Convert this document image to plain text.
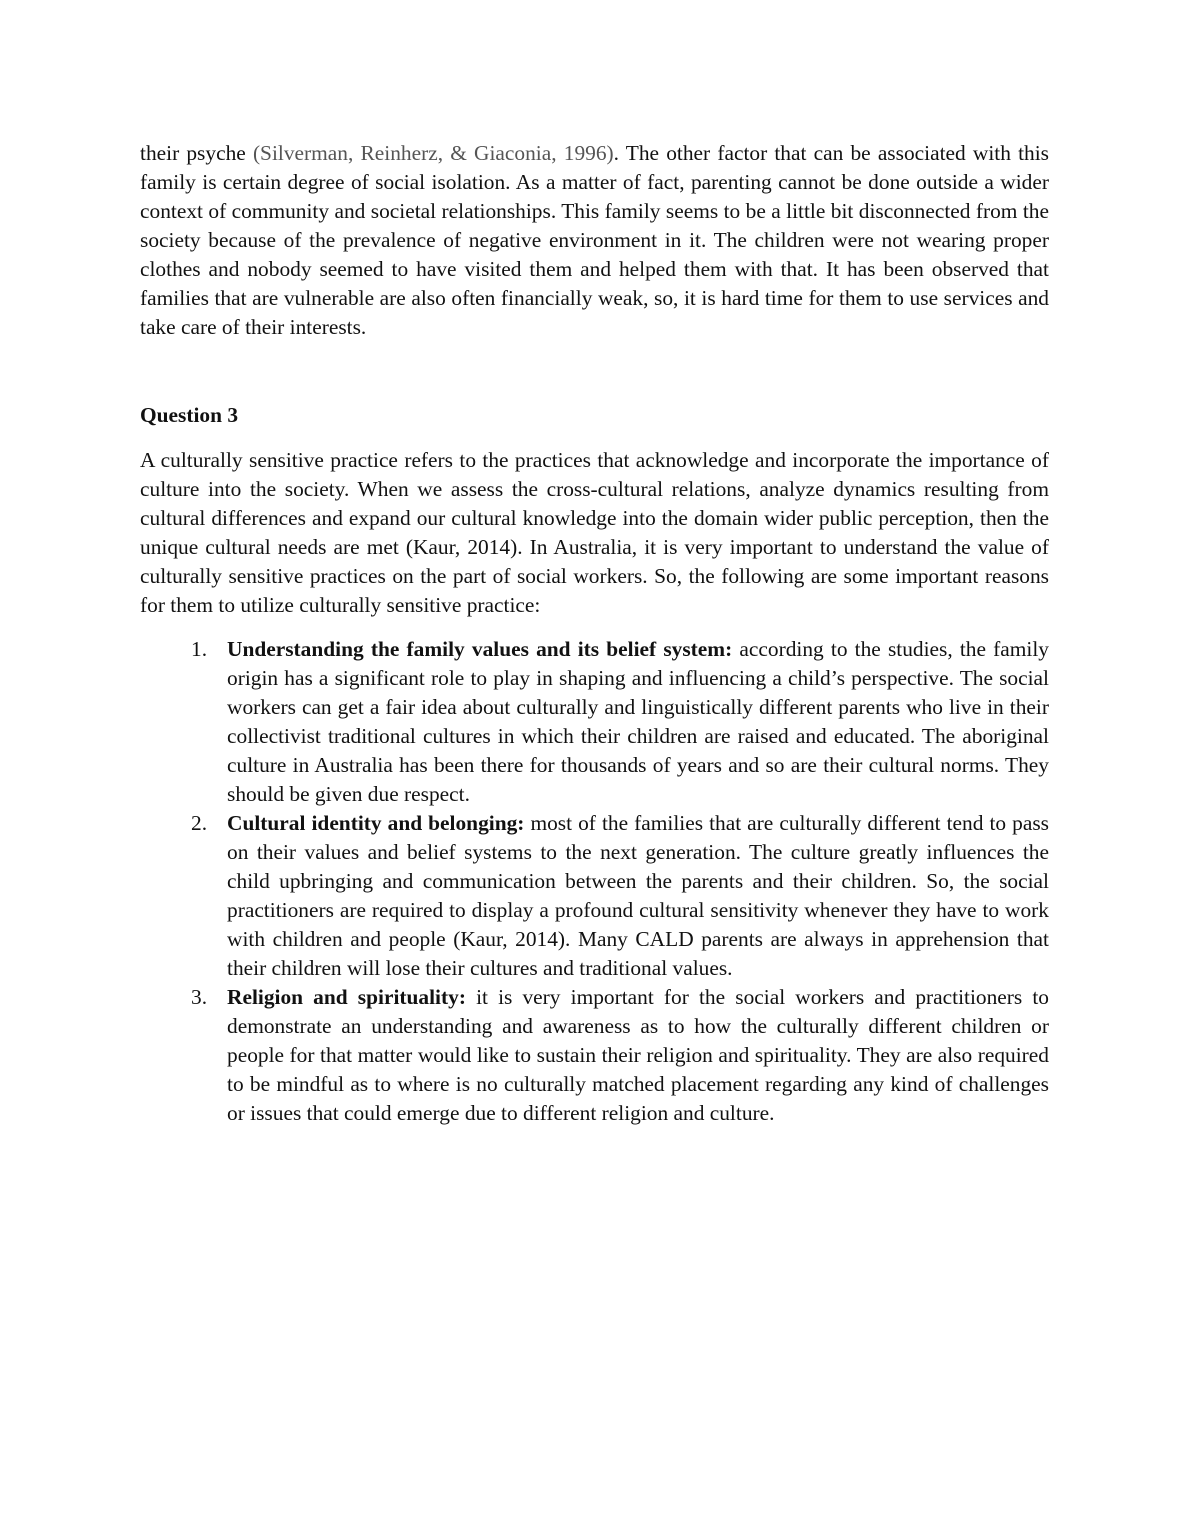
their psyche (Silverman, Reinherz, & Giaconia, 1996). The other factor that can be associated with this family is certain degree of social isolation. As a matter of fact, parenting cannot be done outside a wider context of community and societal relationships. This family seems to be a little bit disconnected from the society because of the prevalence of negative environment in it. The children were not wearing proper clothes and nobody seemed to have visited them and helped them with that. It has been observed that families that are vulnerable are also often financially weak, so, it is hard time for them to use services and take care of their interests.

Question 3

A culturally sensitive practice refers to the practices that acknowledge and incorporate the importance of culture into the society. When we assess the cross-cultural relations, analyze dynamics resulting from cultural differences and expand our cultural knowledge into the domain wider public perception, then the unique cultural needs are met (Kaur, 2014). In Australia, it is very important to understand the value of culturally sensitive practices on the part of social workers. So, the following are some important reasons for them to utilize culturally sensitive practice:

1. Understanding the family values and its belief system: according to the studies, the family origin has a significant role to play in shaping and influencing a child’s perspective. The social workers can get a fair idea about culturally and linguistically different parents who live in their collectivist traditional cultures in which their children are raised and educated. The aboriginal culture in Australia has been there for thousands of years and so are their cultural norms. They should be given due respect.
2. Cultural identity and belonging: most of the families that are culturally different tend to pass on their values and belief systems to the next generation. The culture greatly influences the child upbringing and communication between the parents and their children. So, the social practitioners are required to display a profound cultural sensitivity whenever they have to work with children and people (Kaur, 2014). Many CALD parents are always in apprehension that their children will lose their cultures and traditional values.
3. Religion and spirituality: it is very important for the social workers and practitioners to demonstrate an understanding and awareness as to how the culturally different children or people for that matter would like to sustain their religion and spirituality. They are also required to be mindful as to where is no culturally matched placement regarding any kind of challenges or issues that could emerge due to different religion and culture.
